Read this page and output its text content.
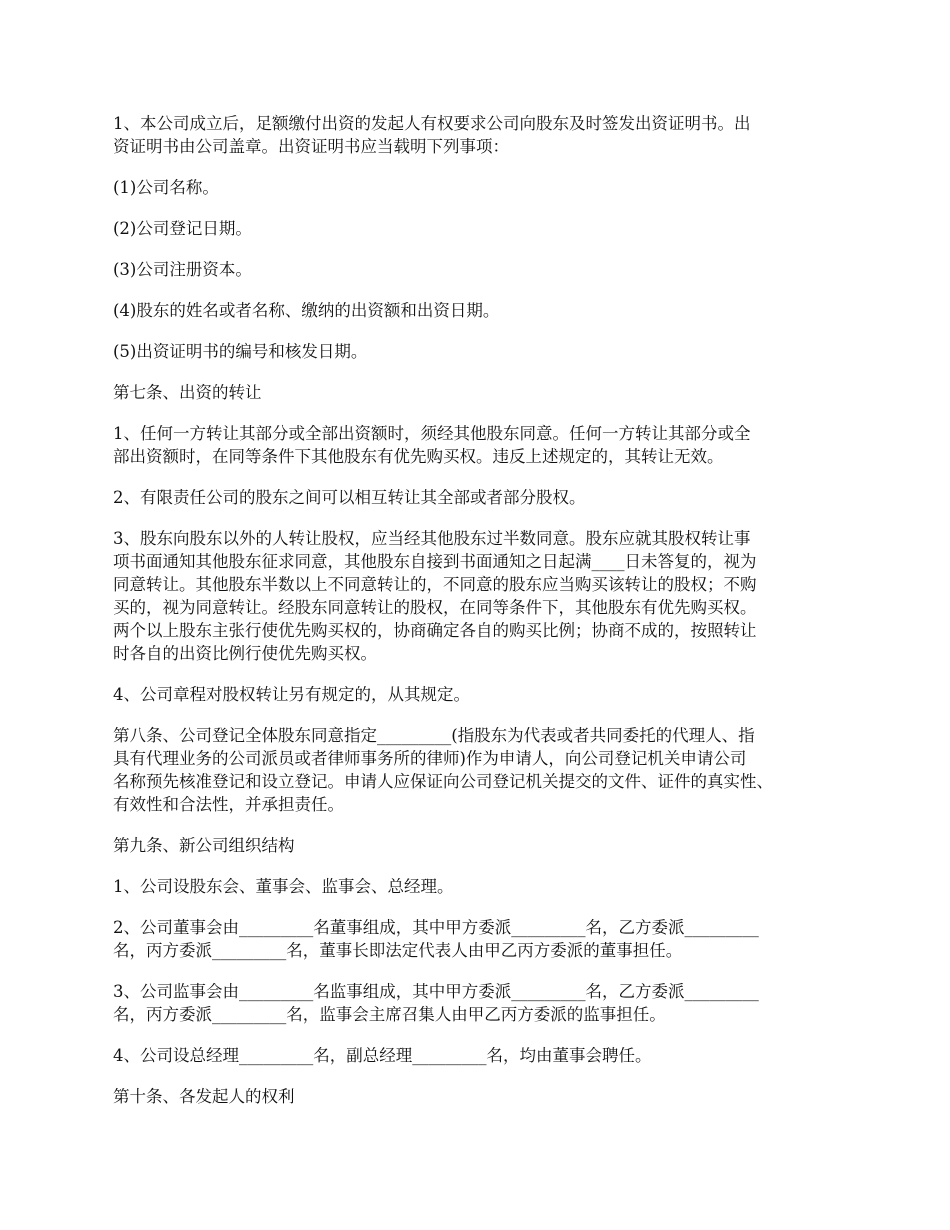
1、本公司成立后，足额缴付出资的发起人有权要求公司向股东及时签发出资证明书。出
资证明书由公司盖章。出资证明书应当载明下列事项：

(1)公司名称。

(2)公司登记日期。

(3)公司注册资本。

(4)股东的姓名或者名称、缴纳的出资额和出资日期。

(5)出资证明书的编号和核发日期。

第七条、出资的转让

1、任何一方转让其部分或全部出资额时，须经其他股东同意。任何一方转让其部分或全
部出资额时，在同等条件下其他股东有优先购买权。违反上述规定的，其转让无效。

2、有限责任公司的股东之间可以相互转让其全部或者部分股权。

3、股东向股东以外的人转让股权，应当经其他股东过半数同意。股东应就其股权转让事
项书面通知其他股东征求同意，其他股东自接到书面通知之日起满____日未答复的，视为
同意转让。其他股东半数以上不同意转让的，不同意的股东应当购买该转让的股权；不购
买的，视为同意转让。经股东同意转让的股权，在同等条件下，其他股东有优先购买权。
两个以上股东主张行使优先购买权的，协商确定各自的购买比例；协商不成的，按照转让
时各自的出资比例行使优先购买权。

4、公司章程对股权转让另有规定的，从其规定。

第八条、公司登记全体股东同意指定_________(指股东为代表或者共同委托的代理人、指
具有代理业务的公司派员或者律师事务所的律师)作为申请人，向公司登记机关申请公司
名称预先核准登记和设立登记。申请人应保证向公司登记机关提交的文件、证件的真实性、
有效性和合法性，并承担责任。

第九条、新公司组织结构

1、公司设股东会、董事会、监事会、总经理。

2、公司董事会由_________名董事组成，其中甲方委派_________名，乙方委派_________
名，丙方委派_________名，董事长即法定代表人由甲乙丙方委派的董事担任。

3、公司监事会由_________名监事组成，其中甲方委派_________名，乙方委派_________
名，丙方委派_________名，监事会主席召集人由甲乙丙方委派的监事担任。

4、公司设总经理_________名，副总经理_________名，均由董事会聘任。

第十条、各发起人的权利
